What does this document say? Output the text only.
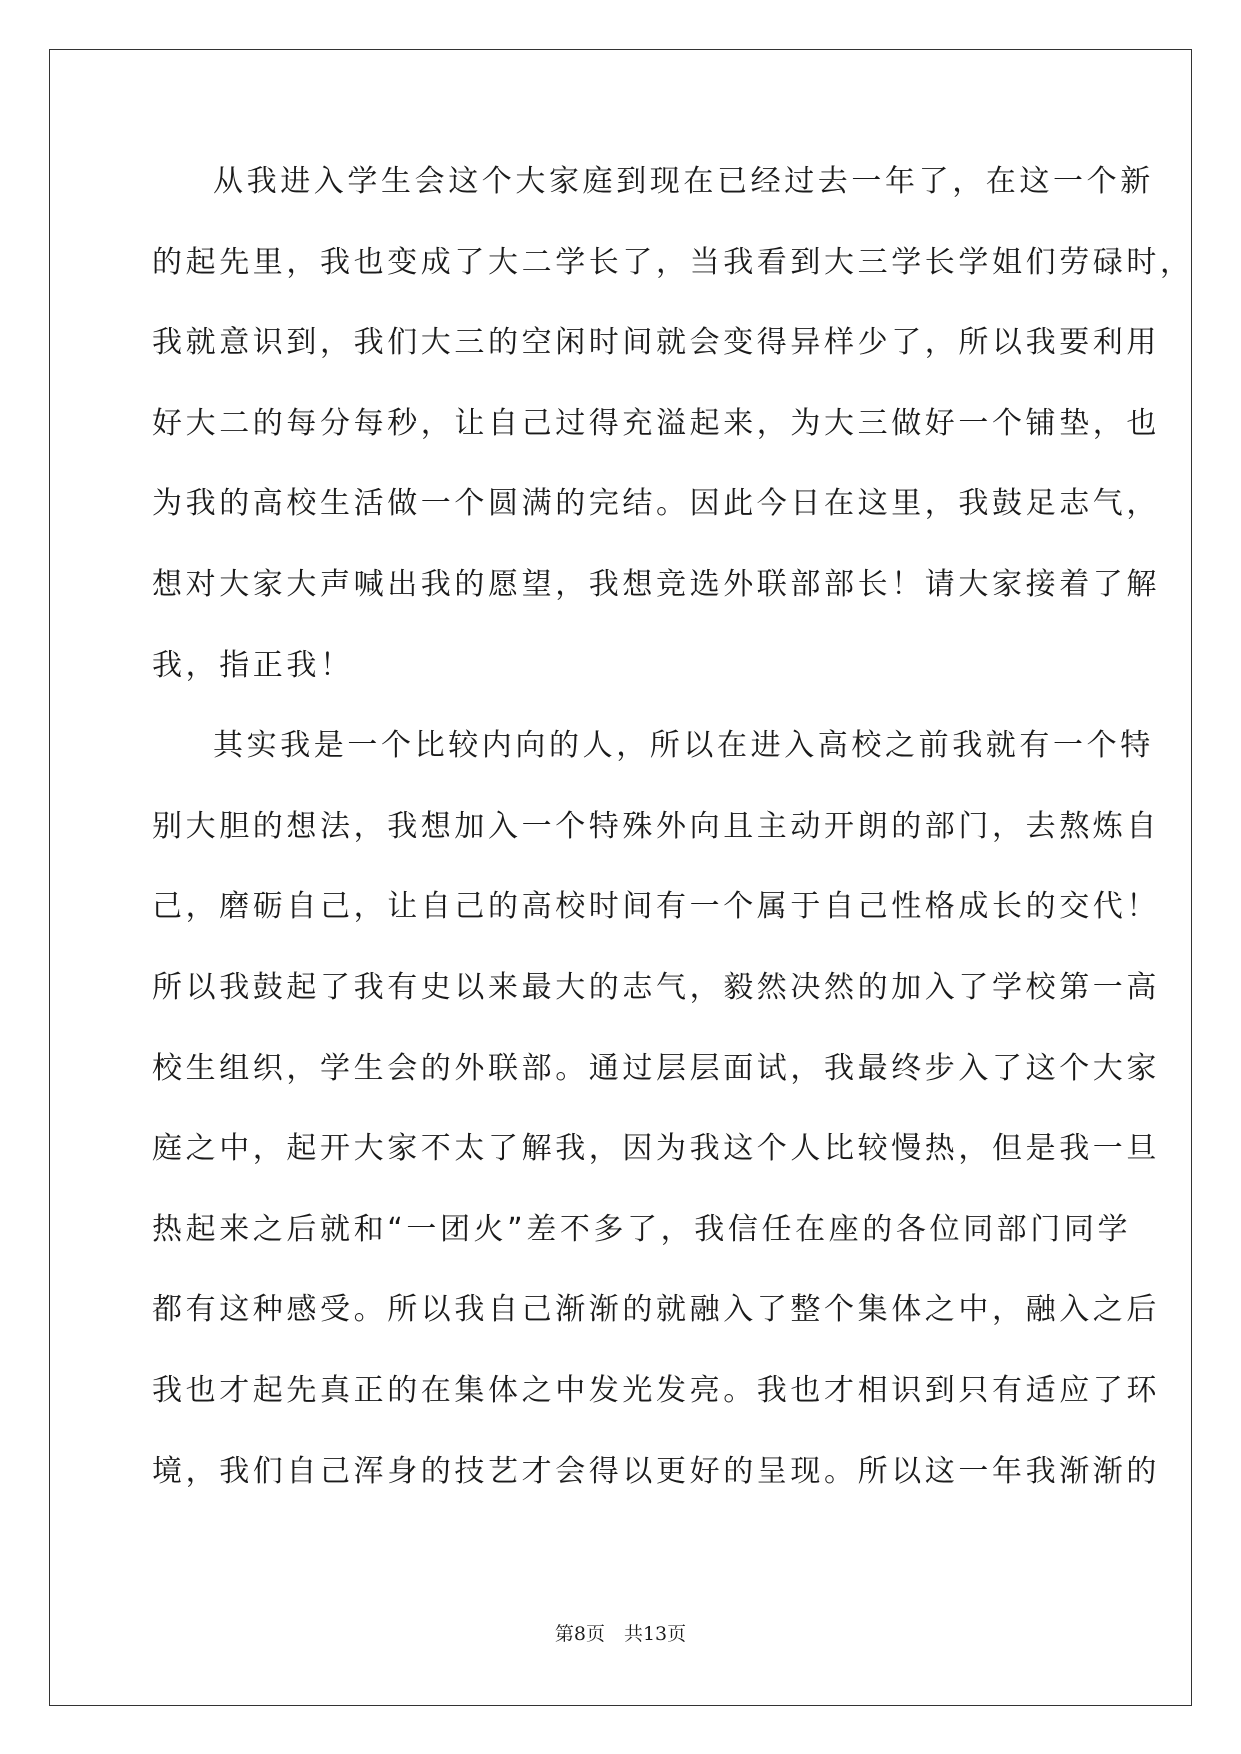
从我进入学生会这个大家庭到现在已经过去一年了，在这一个新
的起先里，我也变成了大二学长了，当我看到大三学长学姐们劳碌时，
我就意识到，我们大三的空闲时间就会变得异样少了，所以我要利用
好大二的每分每秒，让自己过得充溢起来，为大三做好一个铺垫，也
为我的高校生活做一个圆满的完结。因此今日在这里，我鼓足志气，
想对大家大声喊出我的愿望，我想竞选外联部部长！请大家接着了解
我，指正我！
其实我是一个比较内向的人，所以在进入高校之前我就有一个特
别大胆的想法，我想加入一个特殊外向且主动开朗的部门，去熬炼自
己，磨砺自己，让自己的高校时间有一个属于自己性格成长的交代！
所以我鼓起了我有史以来最大的志气，毅然决然的加入了学校第一高
校生组织，学生会的外联部。通过层层面试，我最终步入了这个大家
庭之中，起开大家不太了解我，因为我这个人比较慢热，但是我一旦
热起来之后就和“一团火”差不多了，我信任在座的各位同部门同学
都有这种感受。所以我自己渐渐的就融入了整个集体之中，融入之后
我也才起先真正的在集体之中发光发亮。我也才相识到只有适应了环
境，我们自己浑身的技艺才会得以更好的呈现。所以这一年我渐渐的
第8页　共13页
